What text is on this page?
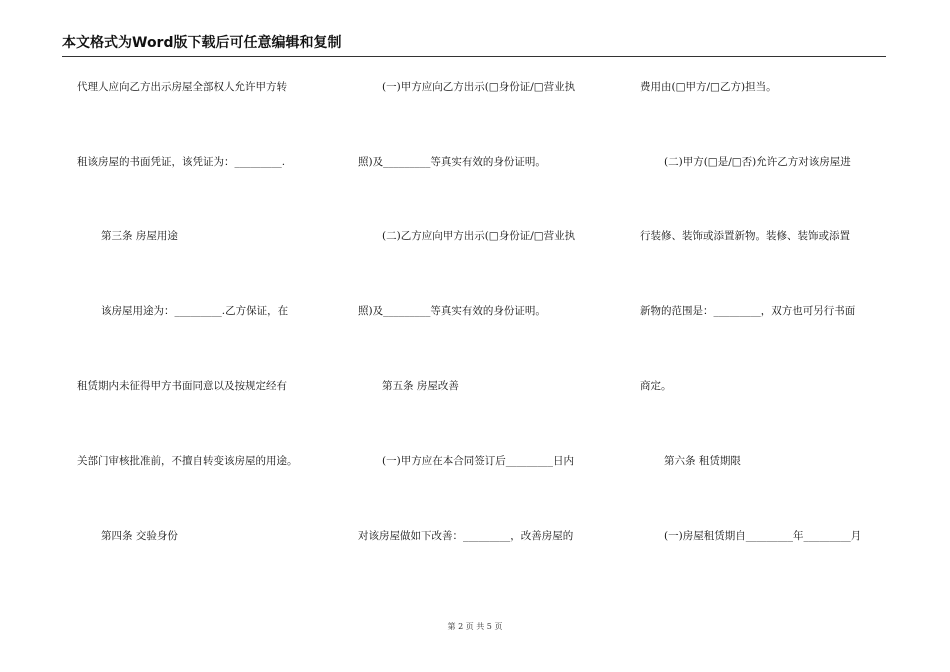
本文格式为Word版下载后可任意编辑和复制
代理人应向乙方出示房屋全部权人允许甲方转
租该房屋的书面凭证，该凭证为：_________.
第三条 房屋用途
该房屋用途为：_________.乙方保证，在
租赁期内未征得甲方书面同意以及按规定经有
关部门审核批准前，不擅自转变该房屋的用途。
第四条 交验身份
(一)甲方应向乙方出示(□身份证/□营业执
照)及_________等真实有效的身份证明。
(二)乙方应向甲方出示(□身份证/□营业执
照)及_________等真实有效的身份证明。
第五条 房屋改善
(一)甲方应在本合同签订后_________日内
对该房屋做如下改善：_________，改善房屋的
费用由(□甲方/□乙方)担当。
(二)甲方(□是/□否)允许乙方对该房屋进
行装修、装饰或添置新物。装修、装饰或添置
新物的范围是：_________，双方也可另行书面
商定。
第六条 租赁期限
(一)房屋租赁期自_________年_________月
第 2 页 共 5 页
